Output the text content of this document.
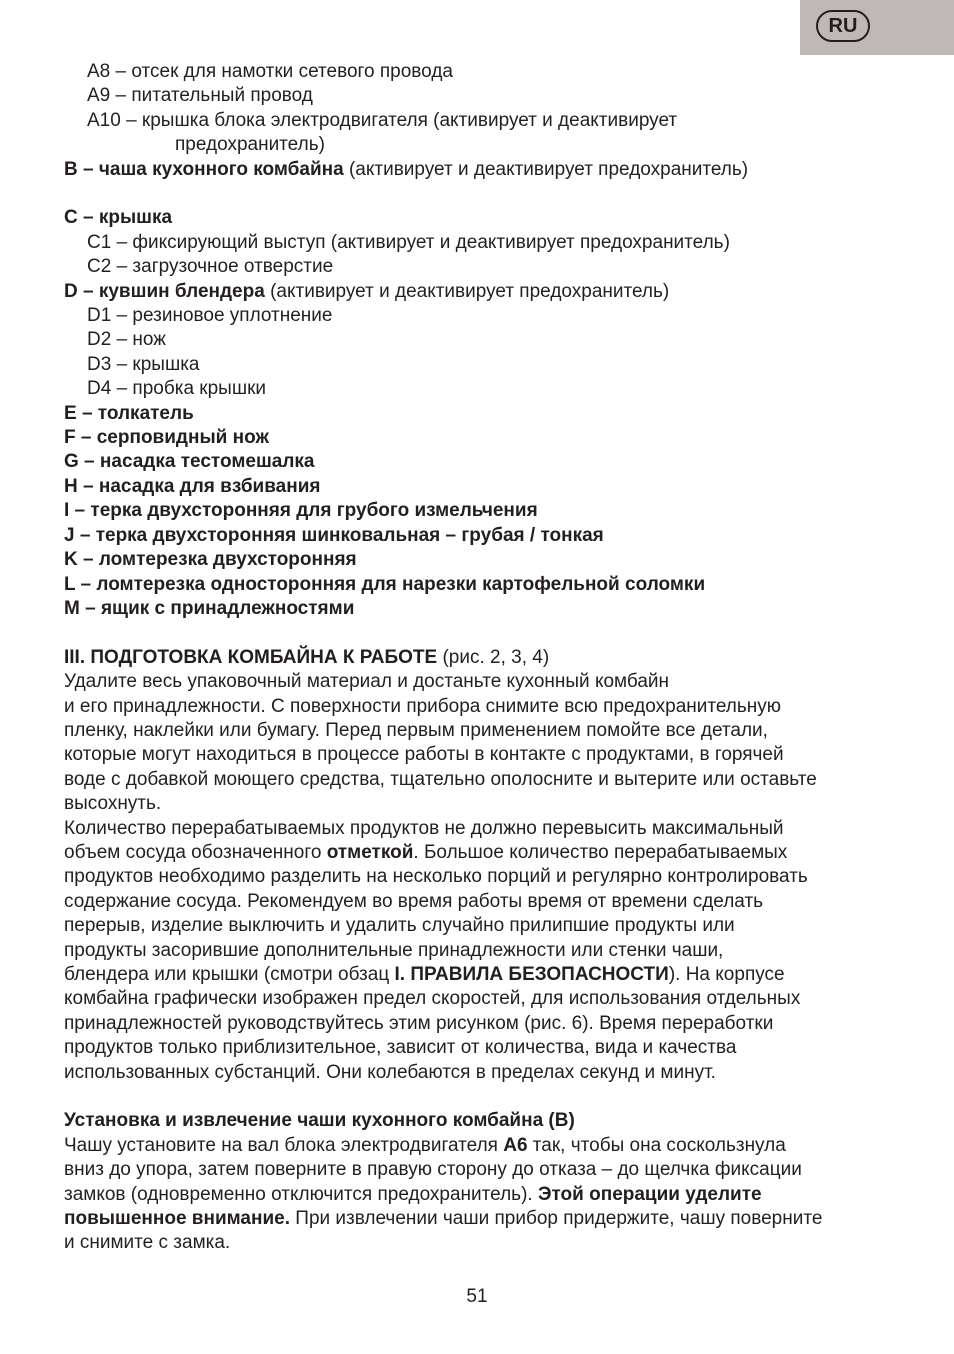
RU
A8 – отсек для намотки сетевого провода
A9 – питательный провод
A10 – крышка блока электродвигателя (активирует и деактивирует
предохранитель)
B – чаша кухонного комбайна (активирует и деактивирует предохранитель)
C – крышка
C1 – фиксирующий выступ (активирует и деактивирует предохранитель)
C2 – загрузочное отверстие
D – кувшин блендера (активирует и деактивирует предохранитель)
D1 – резиновое уплотнение
D2 – нож
D3 – крышка
D4 – пробка крышки
E – толкатель
F – серповидный нож
G – насадка тестомешалка
H – насадка для взбивания
I – терка двухсторонняя для грубого измельчения
J – терка двухсторонняя шинковальная – грубая / тонкая
K – ломтерезка двухсторонняя
L – ломтерезка односторонняя для нарезки картофельной соломки
M – ящик с принадлежностями
III. ПОДГОТОВКА КОМБАЙНА К РАБОТЕ (рис. 2, 3, 4)
Удалите весь упаковочный материал и достаньте кухонный комбайн
и его принадлежности. С поверхности прибора снимите всю предохранительную
пленку, наклейки или бумагу. Перед первым применением помойте все детали,
которые могут находиться в процессе работы в контакте с продуктами, в горячей
воде с добавкой моющего средства, тщательно ополосните и вытерите или оставьте
высохнуть.
Количество перерабатываемых продуктов не должно перевысить максимальный
объем сосуда обозначенного отметкой. Большое количество перерабатываемых
продуктов необходимо разделить на несколько порций и регулярно контролировать
содержание сосуда. Рекомендуем во время работы время от времени сделать
перерыв, изделие выключить и удалить случайно прилипшие продукты или
продукты засорившие дополнительные принадлежности или стенки чаши,
блендера или крышки (смотри обзац I. ПРАВИЛА БЕЗОПАСНОСТИ). На корпусе
комбайна графически изображен предел скоростей, для использования отдельных
принадлежностей руководствуйтесь этим рисунком (рис. 6). Время переработки
продуктов только приблизительное, зависит от количества, вида и качества
использованных субстанций. Они колебаются в пределах секунд и минут.
Установка и извлечение чаши кухонного комбайна (B)
Чашу установите на вал блока электродвигателя A6 так, чтобы она соскользнула
вниз до упора, затем поверните в правую сторону до отказа – до щелчка фиксации
замков (одновременно отключится предохранитель). Этой операции уделите
повышенное внимание. При извлечении чаши прибор придержите, чашу поверните
и снимите с замка.
51
